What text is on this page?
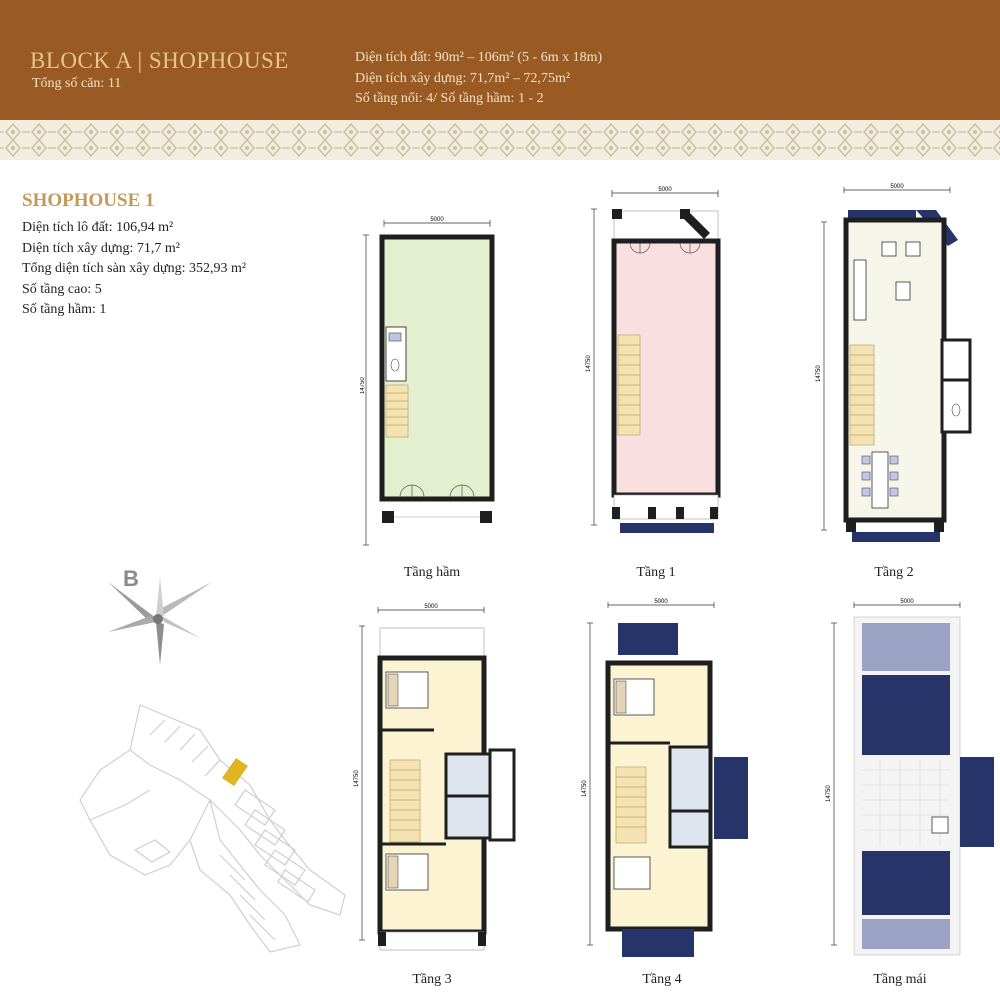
BLOCK A | SHOPHOUSE
Tổng số căn: 11
Diện tích đất: 90m² – 106m² (5 - 6m x 18m)
Diện tích xây dựng: 71,7m² – 72,75m²
Số tầng nổi: 4/ Số tầng hầm: 1 - 2
SHOPHOUSE 1
Diện tích lô đất: 106,94 m²
Diện tích xây dựng: 71,7 m²
Tổng diện tích sàn xây dựng: 352,93 m²
Số tầng cao: 5
Số tầng hầm: 1
B
5000
14750
Tầng hầm
5000
14750
Tầng 1
5000
14750
Tầng 2
5000
14750
Tầng 3
5000
14750
Tầng 4
5000
14750
Tầng mái
